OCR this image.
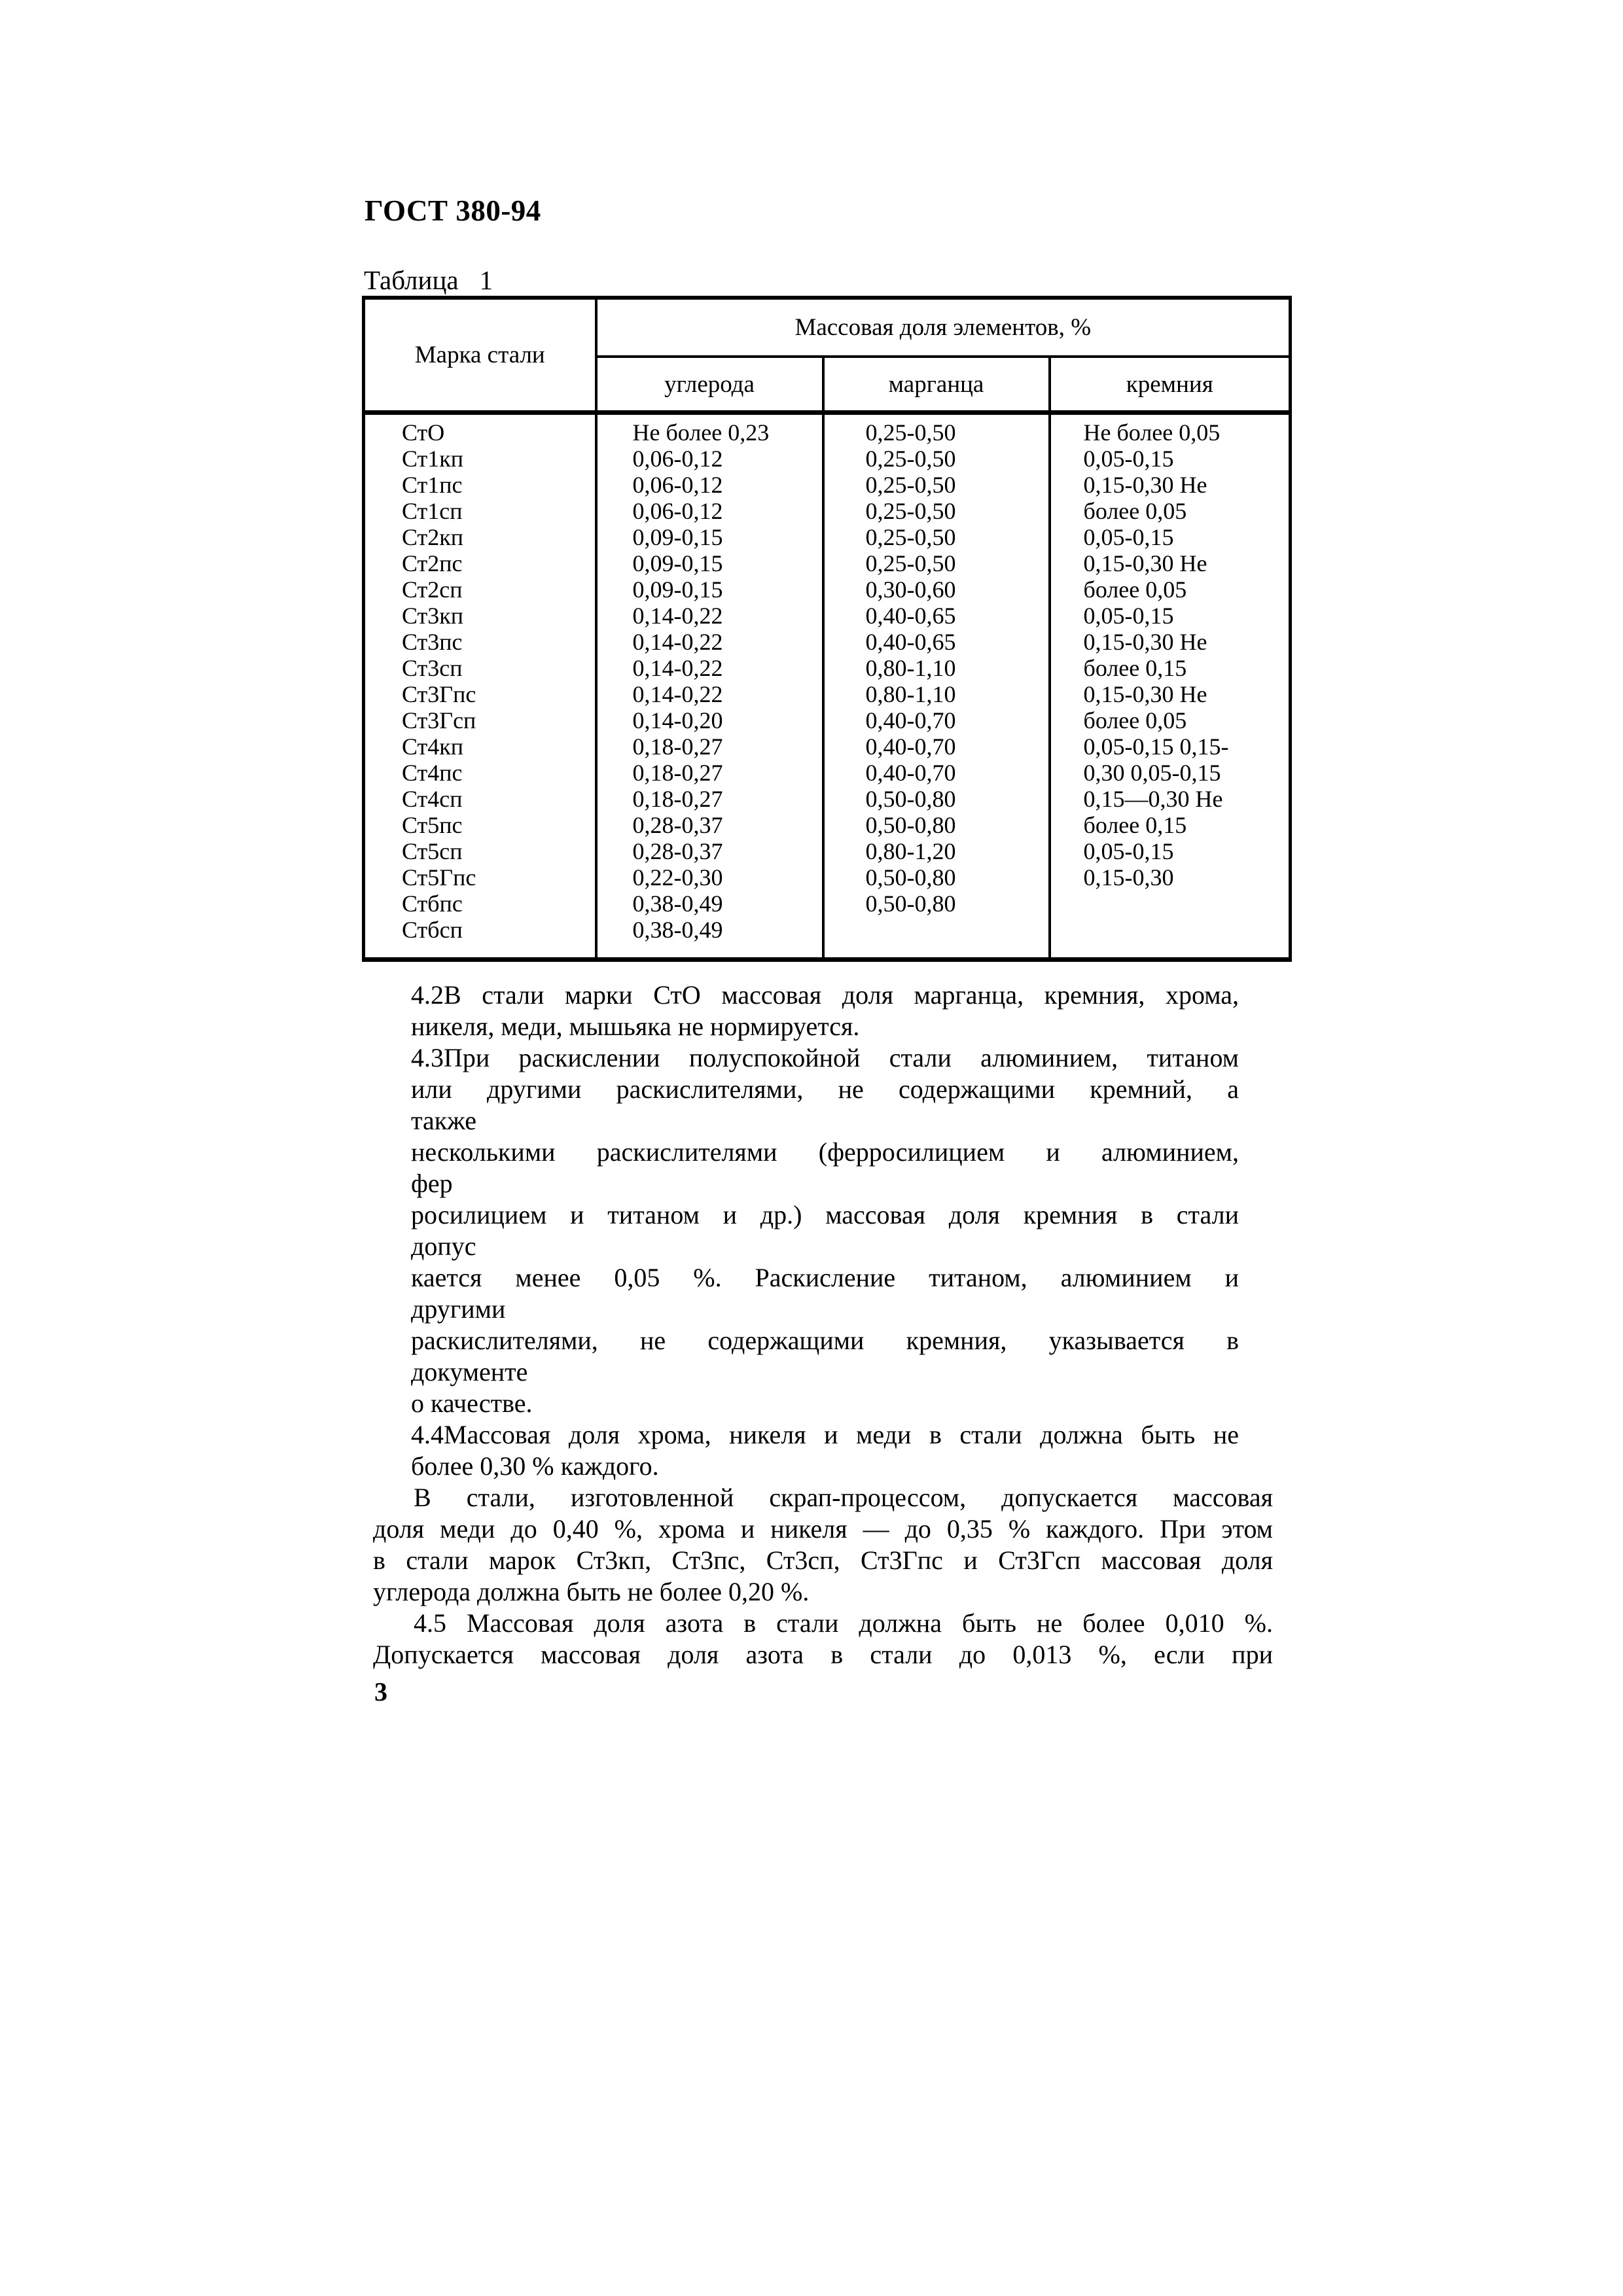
ГОСТ 380-94
Таблица 1
Марка стали	Массовая доля элементов, %		
	углерода	марганца	кремния
СтО	Не более 0,23	0,25-0,50	Не более 0,05
Ст1кп	0,06-0,12	0,25-0,50	0,05-0,15
Ст1пс	0,06-0,12	0,25-0,50	0,15-0,30 Не
Ст1сп	0,06-0,12	0,25-0,50	более 0,05
Ст2кп	0,09-0,15	0,25-0,50	0,05-0,15
Ст2пс	0,09-0,15	0,25-0,50	0,15-0,30 Не
Ст2сп	0,09-0,15	0,30-0,60	более 0,05
Ст3кп	0,14-0,22	0,40-0,65	0,05-0,15
Ст3пс	0,14-0,22	0,40-0,65	0,15-0,30 Не
Ст3сп	0,14-0,22	0,80-1,10	более 0,15
Ст3Гпс	0,14-0,22	0,80-1,10	0,15-0,30 Не
Ст3Гсп	0,14-0,20	0,40-0,70	более 0,05
Ст4кп	0,18-0,27	0,40-0,70	0,05-0,15 0,15-
Ст4пс	0,18-0,27	0,40-0,70	0,30 0,05-0,15
Ст4сп	0,18-0,27	0,50-0,80	0,15—0,30 Не
Ст5пс	0,28-0,37	0,50-0,80	более 0,15
Ст5сп	0,28-0,37	0,80-1,20	0,05-0,15
Ст5Гпс	0,22-0,30	0,50-0,80	0,15-0,30
Стбпс	0,38-0,49	0,50-0,80	
Стбсп	0,38-0,49		
4.2В стали марки СтО массовая доля марганца, кремния, хрома,
никеля, меди, мышьяка не нормируется.
4.3При раскислении полуспокойной стали алюминием, титаном
или другими раскислителями, не содержащими кремний, а
также
несколькими раскислителями (ферросилицием и алюминием,
фер
росилицием и титаном и др.) массовая доля кремния в стали
допус
кается менее 0,05 %. Раскисление титаном, алюминием и
другими
раскислителями, не содержащими кремния, указывается в
документе
о качестве.
4.4Массовая доля хрома, никеля и меди в стали должна быть не
более 0,30 % каждого.
В стали, изготовленной скрап-процессом, допускается массовая
доля меди до 0,40 %, хрома и никеля — до 0,35 % каждого. При этом
в стали марок Ст3кп, Ст3пс, Ст3сп, Ст3Гпс и Ст3Гсп массовая доля
углерода должна быть не более 0,20 %.
4.5 Массовая доля азота в стали должна быть не более 0,010 %.
Допускается массовая доля азота в стали до 0,013 %, если при
3
